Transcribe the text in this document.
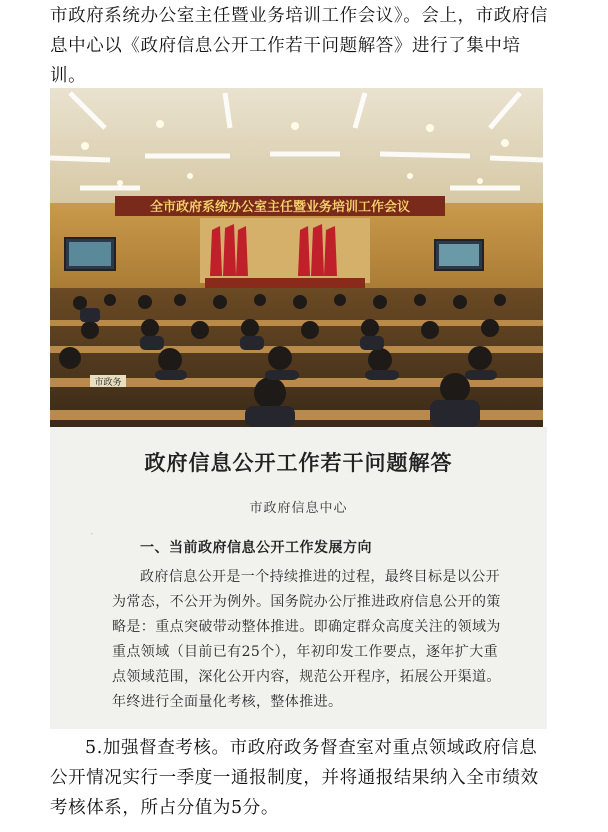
市政府系统办公室主任暨业务培训工作会议》。会上，市政府信息中心以《政府信息公开工作若干问题解答》进行了集中培训。

全市政府系统办公室主任暨业务培训工作会议
市政务
·
政府信息公开工作若干问题解答
市政府信息中心
一、当前政府信息公开工作发展方向

政府信息公开是一个持续推进的过程，最终目标是以公开为常态，不公开为例外。国务院办公厅推进政府信息公开的策略是：重点突破带动整体推进。即确定群众高度关注的领域为重点领域（目前已有25个），年初印发工作要点，逐年扩大重点领域范围，深化公开内容，规范公开程序，拓展公开渠道。年终进行全面量化考核，整体推进。

5.加强督查考核。市政府政务督查室对重点领域政府信息公开情况实行一季度一通报制度，并将通报结果纳入全市绩效考核体系，所占分值为5分。
